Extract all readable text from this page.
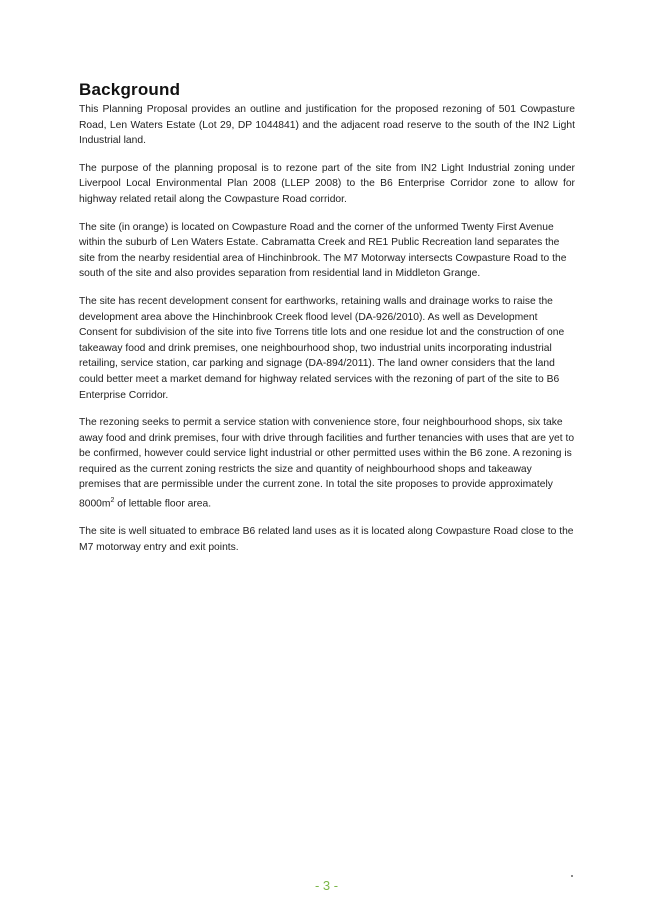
Background

This Planning Proposal provides an outline and justification for the proposed rezoning of 501 Cowpasture Road, Len Waters Estate (Lot 29, DP 1044841) and the adjacent road reserve to the south of the IN2 Light Industrial land.

The purpose of the planning proposal is to rezone part of the site from IN2 Light Industrial zoning under Liverpool Local Environmental Plan 2008 (LLEP 2008) to the B6 Enterprise Corridor zone to allow for highway related retail along the Cowpasture Road corridor.

The site (in orange) is located on Cowpasture Road and the corner of the unformed Twenty First Avenue within the suburb of Len Waters Estate. Cabramatta Creek and RE1 Public Recreation land separates the site from the nearby residential area of Hinchinbrook. The M7 Motorway intersects Cowpasture Road to the south of the site and also provides separation from residential land in Middleton Grange.

The site has recent development consent for earthworks, retaining walls and drainage works to raise the development area above the Hinchinbrook Creek flood level (DA-926/2010). As well as Development Consent for subdivision of the site into five Torrens title lots and one residue lot and the construction of one takeaway food and drink premises, one neighbourhood shop, two industrial units incorporating industrial retailing, service station, car parking and signage (DA-894/2011). The land owner considers that the land could better meet a market demand for highway related services with the rezoning of part of the site to B6 Enterprise Corridor.

The rezoning seeks to permit a service station with convenience store, four neighbourhood shops, six take away food and drink premises, four with drive through facilities and further tenancies with uses that are yet to be confirmed, however could service light industrial or other permitted uses within the B6 zone. A rezoning is required as the current zoning restricts the size and quantity of neighbourhood shops and takeaway premises that are permissible under the current zone. In total the site proposes to provide approximately
$8000m^2$ of lettable floor area.

The site is well situated to embrace B6 related land uses as it is located along Cowpasture Road close to the M7 motorway entry and exit points.

- 3 -
